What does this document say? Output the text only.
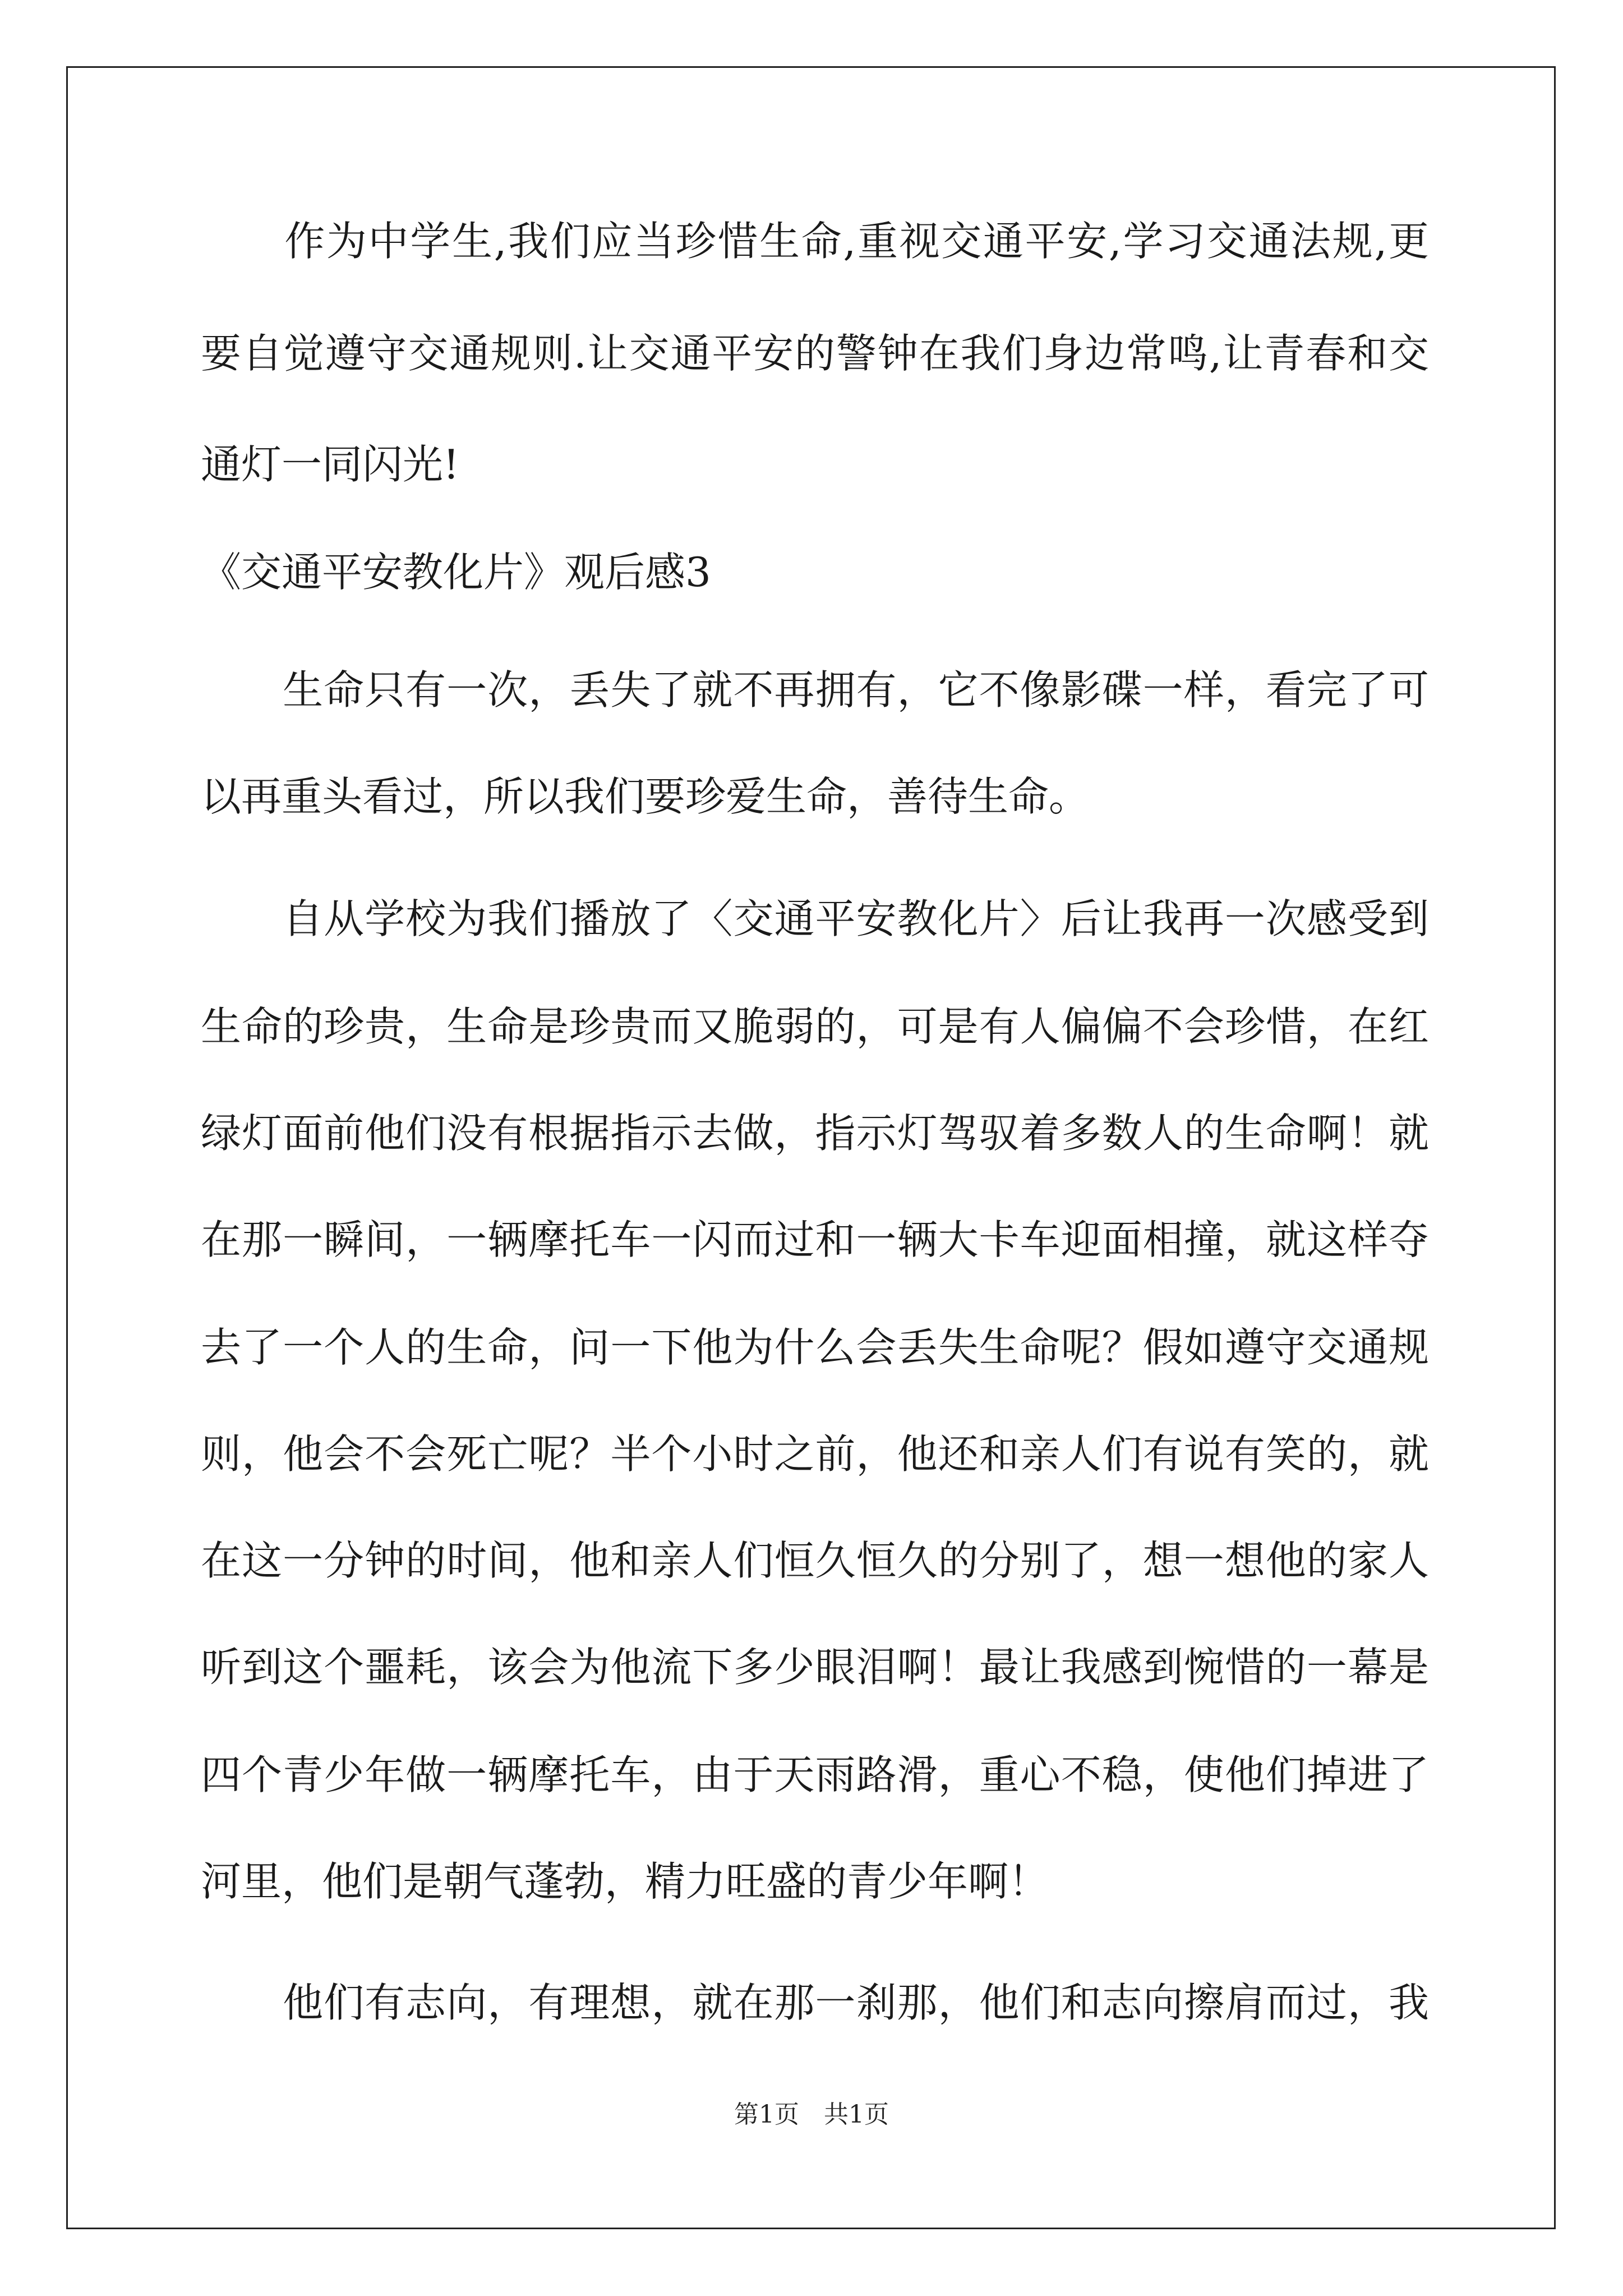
　　作为中学生,我们应当珍惜生命,重视交通平安,学习交通法规,更
要自觉遵守交通规则.让交通平安的警钟在我们身边常鸣,让青春和交
通灯一同闪光!
《交通平安教化片》观后感3
　　生命只有一次，丢失了就不再拥有，它不像影碟一样，看完了可
以再重头看过，所以我们要珍爱生命，善待生命。
　　自从学校为我们播放了〈交通平安教化片〉后让我再一次感受到
生命的珍贵，生命是珍贵而又脆弱的，可是有人偏偏不会珍惜，在红
绿灯面前他们没有根据指示去做，指示灯驾驭着多数人的生命啊！就
在那一瞬间，一辆摩托车一闪而过和一辆大卡车迎面相撞，就这样夺
去了一个人的生命，问一下他为什么会丢失生命呢？假如遵守交通规
则，他会不会死亡呢？半个小时之前，他还和亲人们有说有笑的，就
在这一分钟的时间，他和亲人们恒久恒久的分别了，想一想他的家人
听到这个噩耗，该会为他流下多少眼泪啊！最让我感到惋惜的一幕是
四个青少年做一辆摩托车，由于天雨路滑，重心不稳，使他们掉进了
河里，他们是朝气蓬勃，精力旺盛的青少年啊！
　　他们有志向，有理想，就在那一刹那，他们和志向擦肩而过，我
第1页　共1页
